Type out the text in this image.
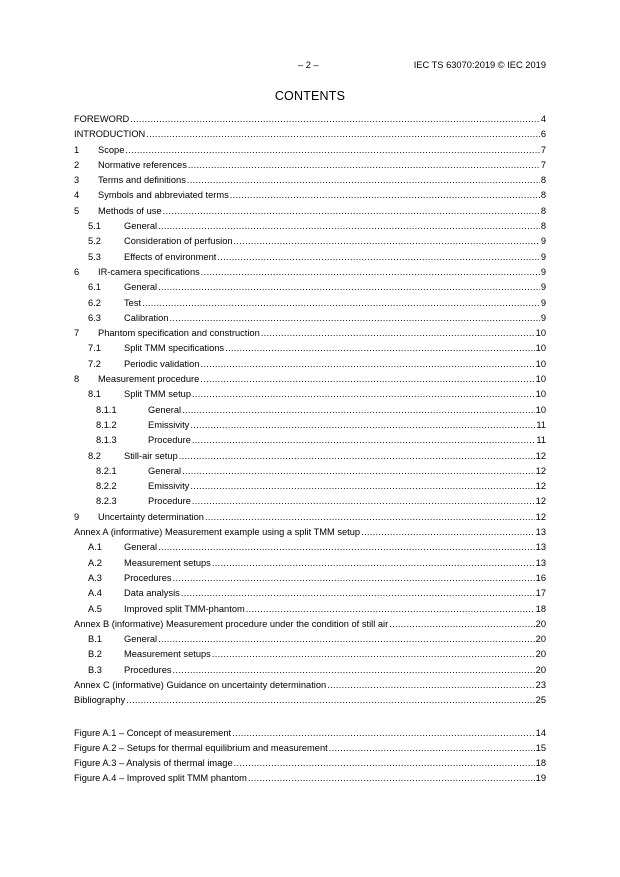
– 2 –	IEC TS 63070:2019 © IEC 2019
CONTENTS
FOREWORD .....	4
INTRODUCTION .....	6
1	Scope .....	7
2	Normative references .....	7
3	Terms and definitions .....	8
4	Symbols and abbreviated terms .....	8
5	Methods of use .....	8
5.1	General .....	8
5.2	Consideration of perfusion .....	9
5.3	Effects of environment .....	9
6	IR-camera specifications .....	9
6.1	General .....	9
6.2	Test .....	9
6.3	Calibration .....	9
7	Phantom specification and construction .....	10
7.1	Split TMM specifications .....	10
7.2	Periodic validation .....	10
8	Measurement procedure .....	10
8.1	Split TMM setup .....	10
8.1.1	General .....	10
8.1.2	Emissivity .....	11
8.1.3	Procedure .....	11
8.2	Still-air setup .....	12
8.2.1	General .....	12
8.2.2	Emissivity .....	12
8.2.3	Procedure .....	12
9	Uncertainty determination .....	12
Annex A (informative) Measurement example using a split TMM setup .....	13
A.1	General .....	13
A.2	Measurement setups .....	13
A.3	Procedures .....	16
A.4	Data analysis .....	17
A.5	Improved split TMM-phantom .....	18
Annex B (informative) Measurement procedure under the condition of still air .....	20
B.1	General .....	20
B.2	Measurement setups .....	20
B.3	Procedures .....	20
Annex C (informative) Guidance on uncertainty determination .....	23
Bibliography .....	25
Figure A.1 – Concept of measurement .....	14
Figure A.2 – Setups for thermal equilibrium and measurement .....	15
Figure A.3 – Analysis of thermal image .....	18
Figure A.4 – Improved split TMM phantom .....	19
